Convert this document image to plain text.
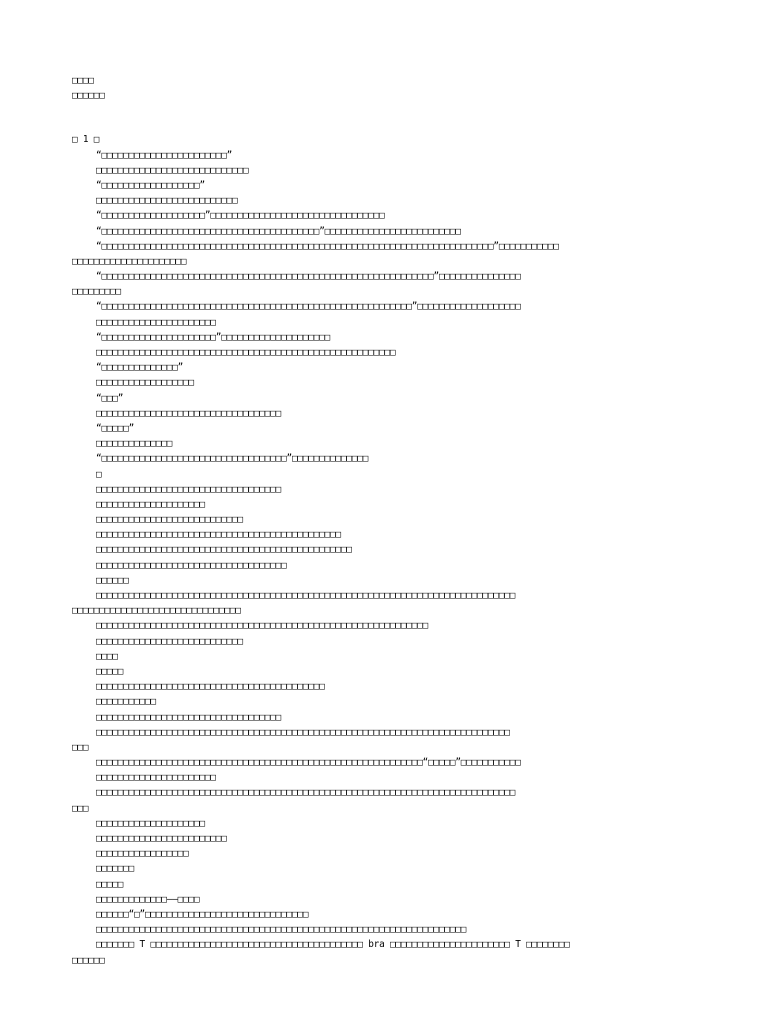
□□□□
□□□□□□
□ 1 □
“□□□□□□□□□□□□□□□□□□□□□□□”
□□□□□□□□□□□□□□□□□□□□□□□□□□□□
“□□□□□□□□□□□□□□□□□□”
□□□□□□□□□□□□□□□□□□□□□□□□□□
“□□□□□□□□□□□□□□□□□□□”□□□□□□□□□□□□□□□□□□□□□□□□□□□□□□□□
“□□□□□□□□□□□□□□□□□□□□□□□□□□□□□□□□□□□□□□□□”□□□□□□□□□□□□□□□□□□□□□□□□□
“□□□□□□□□□□□□□□□□□□□□□□□□□□□□□□□□□□□□□□□□□□□□□□□□□□□□□□□□□□□□□□□□□□□□□□□□”□□□□□□□□□□□
□□□□□□□□□□□□□□□□□□□□□
“□□□□□□□□□□□□□□□□□□□□□□□□□□□□□□□□□□□□□□□□□□□□□□□□□□□□□□□□□□□□□”□□□□□□□□□□□□□□□
□□□□□□□□□
“□□□□□□□□□□□□□□□□□□□□□□□□□□□□□□□□□□□□□□□□□□□□□□□□□□□□□□□□□”□□□□□□□□□□□□□□□□□□□
□□□□□□□□□□□□□□□□□□□□□□
“□□□□□□□□□□□□□□□□□□□□□”□□□□□□□□□□□□□□□□□□□□
□□□□□□□□□□□□□□□□□□□□□□□□□□□□□□□□□□□□□□□□□□□□□□□□□□□□□□□
“□□□□□□□□□□□□□□”
□□□□□□□□□□□□□□□□□□
“□□□”
□□□□□□□□□□□□□□□□□□□□□□□□□□□□□□□□□□
“□□□□□”
□□□□□□□□□□□□□□
“□□□□□□□□□□□□□□□□□□□□□□□□□□□□□□□□□□”□□□□□□□□□□□□□□
□
□□□□□□□□□□□□□□□□□□□□□□□□□□□□□□□□□□
□□□□□□□□□□□□□□□□□□□□
□□□□□□□□□□□□□□□□□□□□□□□□□□□
□□□□□□□□□□□□□□□□□□□□□□□□□□□□□□□□□□□□□□□□□□□□□
□□□□□□□□□□□□□□□□□□□□□□□□□□□□□□□□□□□□□□□□□□□□□□□
□□□□□□□□□□□□□□□□□□□□□□□□□□□□□□□□□□□
□□□□□□
□□□□□□□□□□□□□□□□□□□□□□□□□□□□□□□□□□□□□□□□□□□□□□□□□□□□□□□□□□□□□□□□□□□□□□□□□□□□□
□□□□□□□□□□□□□□□□□□□□□□□□□□□□□□□
□□□□□□□□□□□□□□□□□□□□□□□□□□□□□□□□□□□□□□□□□□□□□□□□□□□□□□□□□□□□□
□□□□□□□□□□□□□□□□□□□□□□□□□□□
□□□□
□□□□□
□□□□□□□□□□□□□□□□□□□□□□□□□□□□□□□□□□□□□□□□□□
□□□□□□□□□□□
□□□□□□□□□□□□□□□□□□□□□□□□□□□□□□□□□□
□□□□□□□□□□□□□□□□□□□□□□□□□□□□□□□□□□□□□□□□□□□□□□□□□□□□□□□□□□□□□□□□□□□□□□□□□□□□
□□□
□□□□□□□□□□□□□□□□□□□□□□□□□□□□□□□□□□□□□□□□□□□□□□□□□□□□□□□□□□□□“□□□□□”□□□□□□□□□□□
□□□□□□□□□□□□□□□□□□□□□□
□□□□□□□□□□□□□□□□□□□□□□□□□□□□□□□□□□□□□□□□□□□□□□□□□□□□□□□□□□□□□□□□□□□□□□□□□□□□□
□□□
□□□□□□□□□□□□□□□□□□□□
□□□□□□□□□□□□□□□□□□□□□□□□
□□□□□□□□□□□□□□□□□
□□□□□□□
□□□□□
□□□□□□□□□□□□□——□□□□
□□□□□□“□”□□□□□□□□□□□□□□□□□□□□□□□□□□□□□□
□□□□□□□□□□□□□□□□□□□□□□□□□□□□□□□□□□□□□□□□□□□□□□□□□□□□□□□□□□□□□□□□□□□□
□□□□□□□ T □□□□□□□□□□□□□□□□□□□□□□□□□□□□□□□□□□□□□□□ bra □□□□□□□□□□□□□□□□□□□□□□ T □□□□□□□□
□□□□□□
